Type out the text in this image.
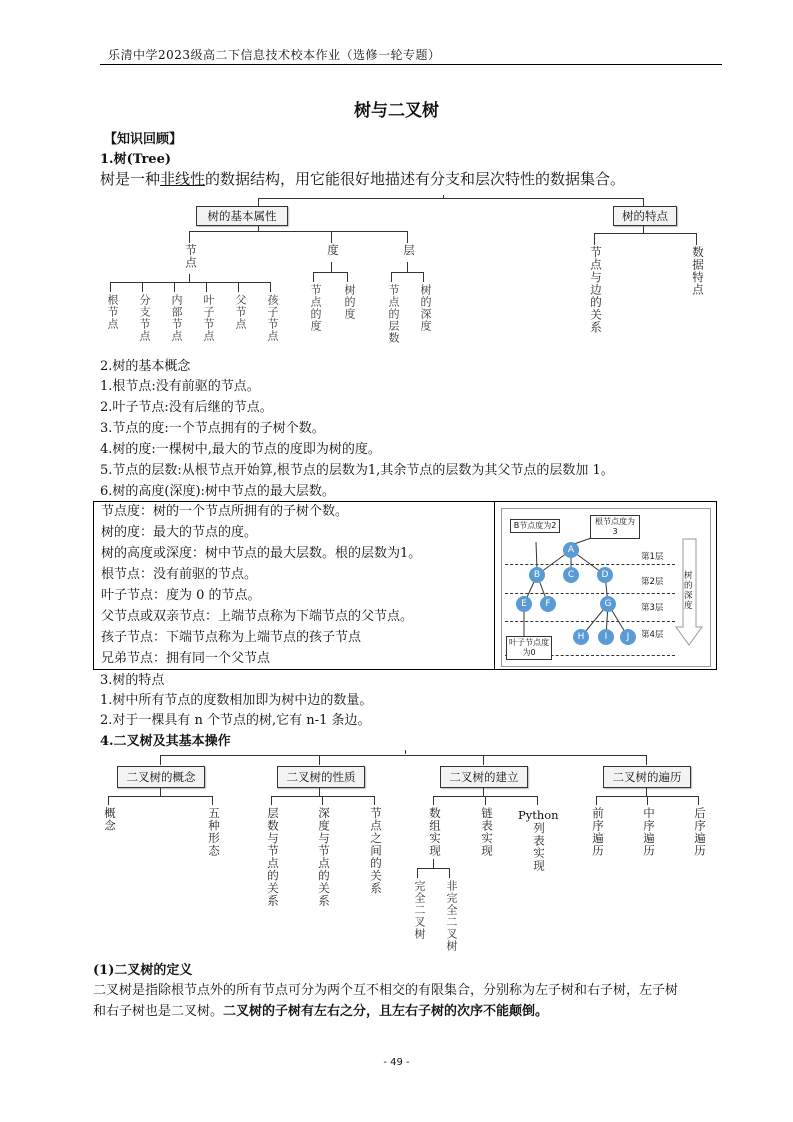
乐清中学2023级高二下信息技术校本作业（选修一轮专题）
树与二叉树
【知识回顾】
1.树(Tree)
树是一种非线性的数据结构，用它能很好地描述有分支和层次特性的数据集合。
树的基本属性	树的特点
节点	度	层
根节点 分支节点 内部节点 叶子节点 父节点 孩子节点	节点的度 树的度	节点的层数 树的深度	节点与边的关系	数据特点
2.树的基本概念
1.根节点:没有前驱的节点。
2.叶子节点:没有后继的节点。
3.节点的度:一个节点拥有的子树个数。
4.树的度:一棵树中,最大的节点的度即为树的度。
5.节点的层数:从根节点开始算,根节点的层数为1,其余节点的层数为其父节点的层数加 1。
6.树的高度(深度):树中节点的最大层数。
节点度：树的一个节点所拥有的子树个数。
树的度：最大的节点的度。
树的高度或深度：树中节点的最大层数。根的层数为1。
根节点：没有前驱的节点。
叶子节点：度为 0 的节点。
父节点或双亲节点：上端节点称为下端节点的父节点。
孩子节点：下端节点称为上端节点的孩子节点
兄弟节点：拥有同一个父节点
B节点度为2	根节点度为3
叶子节点度为0
第1层
第2层
第3层
第4层
树的深度
A
B	C	D
E	F	G
H	I	J
3.树的特点
1.树中所有节点的度数相加即为树中边的数量。
2.对于一棵具有 n 个节点的树,它有 n-1 条边。
4.二叉树及其基本操作
二叉树的概念	二叉树的性质	二叉树的建立	二叉树的遍历
概念	五种形态	层数与节点的关系	深度与节点的关系	节点之间的关系	数组实现	链表实现 Python
列表实现
完全二叉树 非完全二叉树
前序遍历	中序遍历	后序遍历
(1)二叉树的定义
二叉树是指除根节点外的所有节点可分为两个互不相交的有限集合，分别称为左子树和右子树，左子树
和右子树也是二叉树。二叉树的子树有左右之分，且左右子树的次序不能颠倒。
- 49 -
